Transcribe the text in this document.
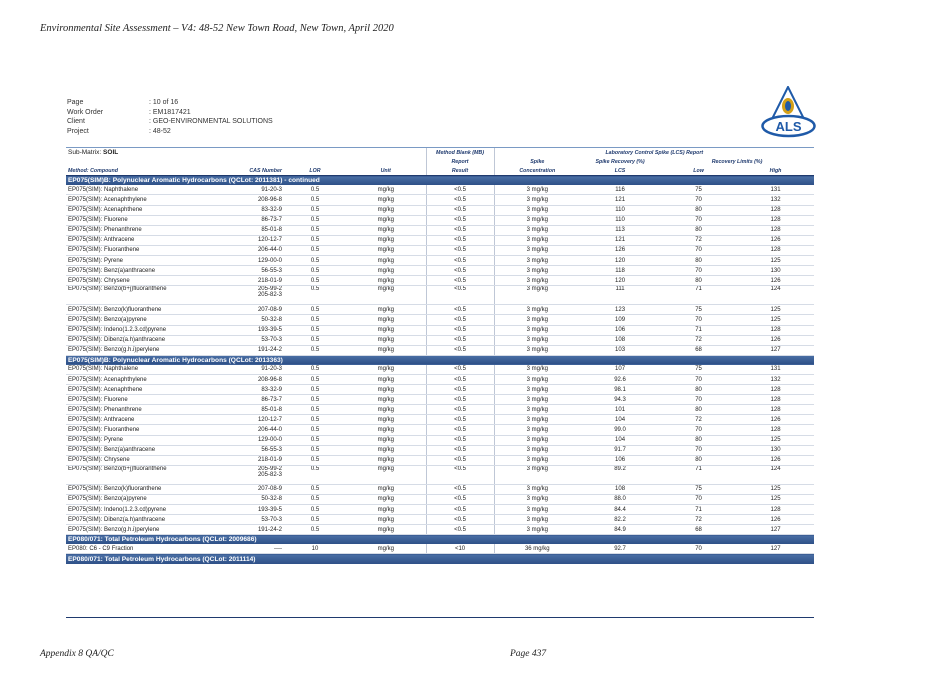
Environmental Site Assessment – V4: 48-52 New Town Road, New Town, April 2020
Page	: 10 of 16
Work Order	: EM1817421
Client	: GEO-ENVIRONMENTAL SOLUTIONS
Project	: 48-52	ALS
Sub-Matrix: SOIL				Method Blank (MB)	Laboratory Control Spike (LCS) Report			
				Report	Spike	Spike Recovery (%)	Recovery Limits (%)	
Method: Compound	CAS Number	LOR	Unit	Result	Concentration	LCS	Low	High
EP075(SIM)B: Polynuclear Aromatic Hydrocarbons (QCLot: 2011381) - continued								
EP075(SIM): Naphthalene	91-20-3	0.5	mg/kg	<0.5	3 mg/kg	116	75	131
EP075(SIM): Acenaphthylene	208-96-8	0.5	mg/kg	<0.5	3 mg/kg	121	70	132
EP075(SIM): Acenaphthene	83-32-9	0.5	mg/kg	<0.5	3 mg/kg	110	80	128
EP075(SIM): Fluorene	86-73-7	0.5	mg/kg	<0.5	3 mg/kg	110	70	128
EP075(SIM): Phenanthrene	85-01-8	0.5	mg/kg	<0.5	3 mg/kg	113	80	128
EP075(SIM): Anthracene	120-12-7	0.5	mg/kg	<0.5	3 mg/kg	121	72	126
EP075(SIM): Fluoranthene	206-44-0	0.5	mg/kg	<0.5	3 mg/kg	126	70	128
EP075(SIM): Pyrene	129-00-0	0.5	mg/kg	<0.5	3 mg/kg	120	80	125
EP075(SIM): Benz(a)anthracene	56-55-3	0.5	mg/kg	<0.5	3 mg/kg	118	70	130
EP075(SIM): Chrysene	218-01-9	0.5	mg/kg	<0.5	3 mg/kg	120	80	126
EP075(SIM): Benzo(b+j)fluoranthene	205-99-2
205-82-3	0.5	mg/kg	<0.5	3 mg/kg	111	71	124
EP075(SIM): Benzo(k)fluoranthene	207-08-9	0.5	mg/kg	<0.5	3 mg/kg	123	75	125
EP075(SIM): Benzo(a)pyrene	50-32-8	0.5	mg/kg	<0.5	3 mg/kg	109	70	125
EP075(SIM): Indeno(1.2.3.cd)pyrene	193-39-5	0.5	mg/kg	<0.5	3 mg/kg	106	71	128
EP075(SIM): Dibenz(a.h)anthracene	53-70-3	0.5	mg/kg	<0.5	3 mg/kg	108	72	126
EP075(SIM): Benzo(g.h.i)perylene	191-24-2	0.5	mg/kg	<0.5	3 mg/kg	103	68	127
EP075(SIM)B: Polynuclear Aromatic Hydrocarbons (QCLot: 2013363)								
EP075(SIM): Naphthalene	91-20-3	0.5	mg/kg	<0.5	3 mg/kg	107	75	131
EP075(SIM): Acenaphthylene	208-96-8	0.5	mg/kg	<0.5	3 mg/kg	92.6	70	132
EP075(SIM): Acenaphthene	83-32-9	0.5	mg/kg	<0.5	3 mg/kg	98.1	80	128
EP075(SIM): Fluorene	86-73-7	0.5	mg/kg	<0.5	3 mg/kg	94.3	70	128
EP075(SIM): Phenanthrene	85-01-8	0.5	mg/kg	<0.5	3 mg/kg	101	80	128
EP075(SIM): Anthracene	120-12-7	0.5	mg/kg	<0.5	3 mg/kg	104	72	126
EP075(SIM): Fluoranthene	206-44-0	0.5	mg/kg	<0.5	3 mg/kg	99.0	70	128
EP075(SIM): Pyrene	129-00-0	0.5	mg/kg	<0.5	3 mg/kg	104	80	125
EP075(SIM): Benz(a)anthracene	56-55-3	0.5	mg/kg	<0.5	3 mg/kg	91.7	70	130
EP075(SIM): Chrysene	218-01-9	0.5	mg/kg	<0.5	3 mg/kg	106	80	126
EP075(SIM): Benzo(b+j)fluoranthene	205-99-2
205-82-3	0.5	mg/kg	<0.5	3 mg/kg	89.2	71	124
EP075(SIM): Benzo(k)fluoranthene	207-08-9	0.5	mg/kg	<0.5	3 mg/kg	108	75	125
EP075(SIM): Benzo(a)pyrene	50-32-8	0.5	mg/kg	<0.5	3 mg/kg	88.0	70	125
EP075(SIM): Indeno(1.2.3.cd)pyrene	193-39-5	0.5	mg/kg	<0.5	3 mg/kg	84.4	71	128
EP075(SIM): Dibenz(a.h)anthracene	53-70-3	0.5	mg/kg	<0.5	3 mg/kg	82.2	72	126
EP075(SIM): Benzo(g.h.i)perylene	191-24-2	0.5	mg/kg	<0.5	3 mg/kg	84.9	68	127
EP080/071: Total Petroleum Hydrocarbons (QCLot: 2009686)								
EP080: C6 - C9 Fraction	----	10	mg/kg	<10	36 mg/kg	92.7	70	127
EP080/071: Total Petroleum Hydrocarbons (QCLot: 2011114)								
Appendix 8 QA/QC	Page 437
